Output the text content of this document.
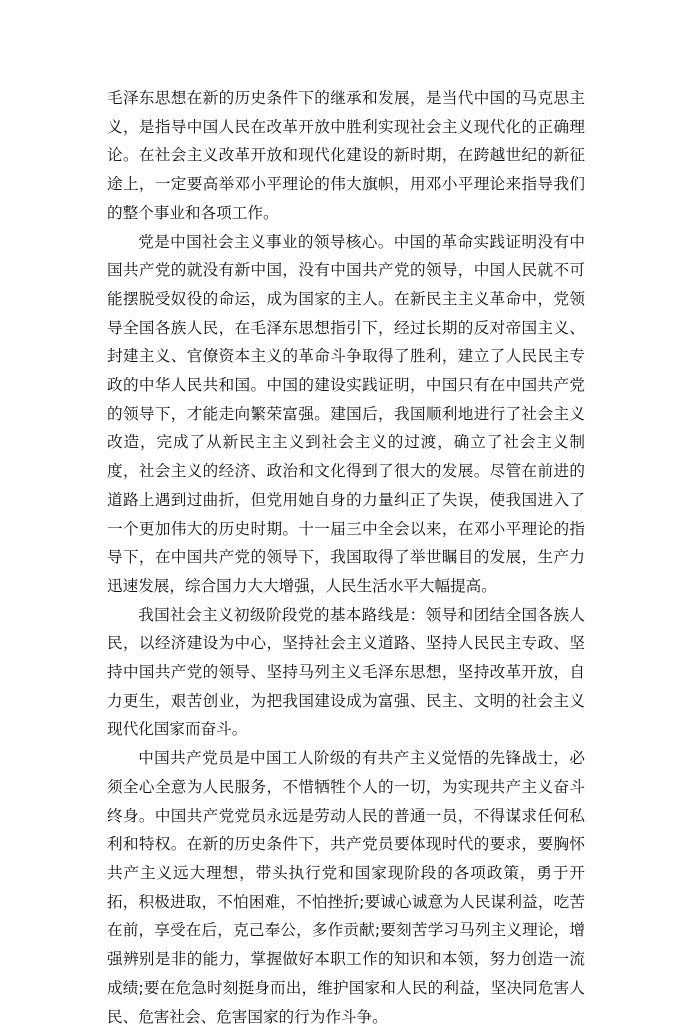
毛泽东思想在新的历史条件下的继承和发展，是当代中国的马克思主义，是指导中国人民在改革开放中胜利实现社会主义现代化的正确理论。在社会主义改革开放和现代化建设的新时期，在跨越世纪的新征途上，一定要高举邓小平理论的伟大旗帜，用邓小平理论来指导我们的整个事业和各项工作。

党是中国社会主义事业的领导核心。中国的革命实践证明没有中国共产党的就没有新中国，没有中国共产党的领导，中国人民就不可能摆脱受奴役的命运，成为国家的主人。在新民主主义革命中，党领导全国各族人民，在毛泽东思想指引下，经过长期的反对帝国主义、封建主义、官僚资本主义的革命斗争取得了胜利，建立了人民民主专政的中华人民共和国。中国的建设实践证明，中国只有在中国共产党的领导下，才能走向繁荣富强。建国后，我国顺利地进行了社会主义改造，完成了从新民主主义到社会主义的过渡，确立了社会主义制度，社会主义的经济、政治和文化得到了很大的发展。尽管在前进的道路上遇到过曲折，但党用她自身的力量纠正了失误，使我国进入了一个更加伟大的历史时期。十一届三中全会以来，在邓小平理论的指导下，在中国共产党的领导下，我国取得了举世瞩目的发展，生产力迅速发展，综合国力大大增强，人民生活水平大幅提高。

我国社会主义初级阶段党的基本路线是：领导和团结全国各族人民，以经济建设为中心，坚持社会主义道路、坚持人民民主专政、坚持中国共产党的领导、坚持马列主义毛泽东思想，坚持改革开放，自力更生，艰苦创业，为把我国建设成为富强、民主、文明的社会主义现代化国家而奋斗。

中国共产党员是中国工人阶级的有共产主义觉悟的先锋战士，必须全心全意为人民服务，不惜牺牲个人的一切，为实现共产主义奋斗终身。中国共产党党员永远是劳动人民的普通一员，不得谋求任何私利和特权。在新的历史条件下，共产党员要体现时代的要求，要胸怀共产主义远大理想，带头执行党和国家现阶段的各项政策，勇于开拓，积极进取，不怕困难，不怕挫折;要诚心诚意为人民谋利益，吃苦在前，享受在后，克己奉公，多作贡献;要刻苦学习马列主义理论，增强辨别是非的能力，掌握做好本职工作的知识和本领，努力创造一流成绩;要在危急时刻挺身而出，维护国家和人民的利益，坚决同危害人民、危害社会、危害国家的行为作斗争。
